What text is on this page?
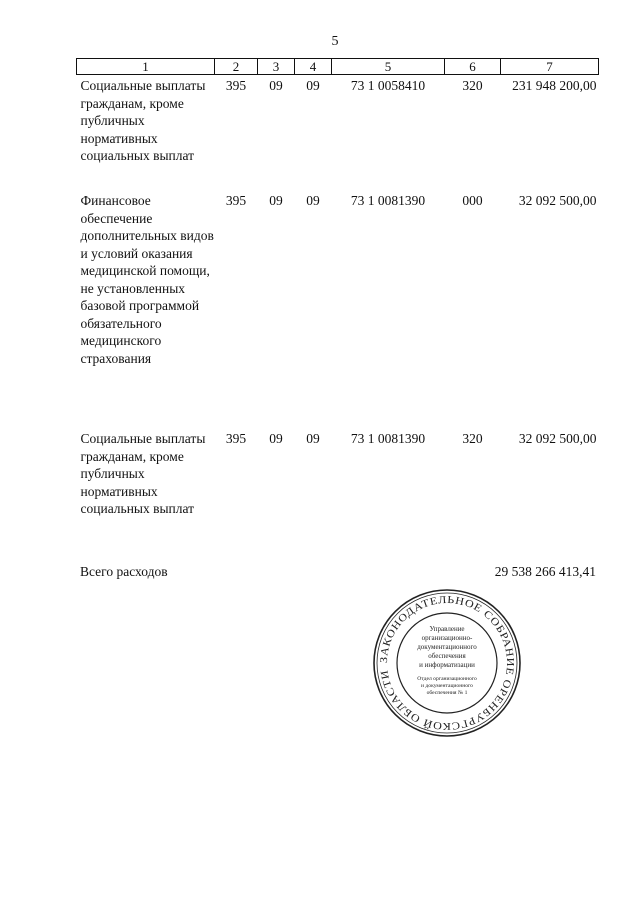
5
1	2	3	4	5	6	7
Социальные выплаты гражданам, кроме публичных нормативных социальных выплат	395	09	09	73 1 0058410	320	231 948 200,00
Финансовое обеспечение дополнительных видов и условий оказания медицинской помощи, не установленных базовой программой обязательного медицинского страхования	395	09	09	73 1 0081390	000	32 092 500,00
Социальные выплаты гражданам, кроме публичных нормативных социальных выплат	395	09	09	73 1 0081390	320	32 092 500,00
Всего расходов	29 538 266 413,41
ЗАКОНОДАТЕЛЬНОЕ СОБРАНИЕ ОРЕНБУРГСКОЙ ОБЛАСТИ
Управление
организационно-
документационного
обеспечения
и информатизации
Отдел организационного
и документационного
обеспечения № 1
